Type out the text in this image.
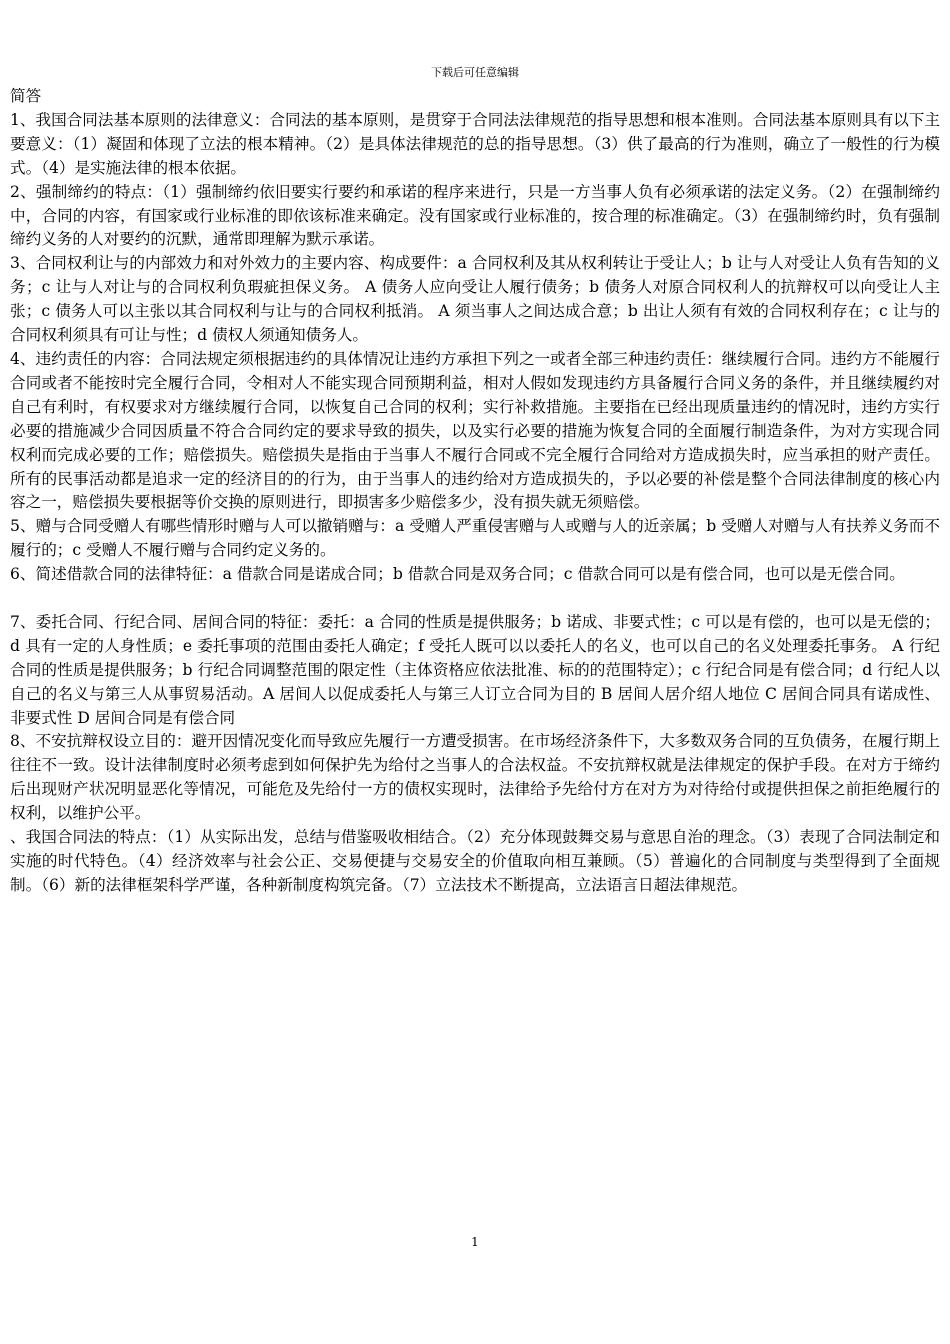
下载后可任意编辑

简答

1、我国合同法基本原则的法律意义：合同法的基本原则，是贯穿于合同法法律规范的指导思想和根本准则。合同法基本原则具有以下主要意义：（1）凝固和体现了立法的根本精神。（2）是具体法律规范的总的指导思想。（3）供了最高的行为准则，确立了一般性的行为模式。（4）是实施法律的根本依据。

2、强制缔约的特点：（1）强制缔约依旧要实行要约和承诺的程序来进行，只是一方当事人负有必须承诺的法定义务。（2）在强制缔约中，合同的内容，有国家或行业标准的即依该标准来确定。没有国家或行业标准的，按合理的标准确定。（3）在强制缔约时，负有强制缔约义务的人对要约的沉默，通常即理解为默示承诺。

3、合同权利让与的内部效力和对外效力的主要内容、构成要件：a 合同权利及其从权利转让于受让人；b 让与人对受让人负有告知的义务；c 让与人对让与的合同权利负瑕疵担保义务。 A 债务人应向受让人履行债务；b 债务人对原合同权利人的抗辩权可以向受让人主张；c 债务人可以主张以其合同权利与让与的合同权利抵消。 A 须当事人之间达成合意；b 出让人须有有效的合同权利存在；c 让与的合同权利须具有可让与性；d 债权人须通知债务人。

4、违约责任的内容：合同法规定须根据违约的具体情况让违约方承担下列之一或者全部三种违约责任：继续履行合同。违约方不能履行合同或者不能按时完全履行合同，令相对人不能实现合同预期利益，相对人假如发现违约方具备履行合同义务的条件，并且继续履约对自己有利时，有权要求对方继续履行合同，以恢复自己合同的权利；实行补救措施。主要指在已经出现质量违约的情况时，违约方实行必要的措施减少合同因质量不符合合同约定的要求导致的损失，以及实行必要的措施为恢复合同的全面履行制造条件，为对方实现合同权利而完成必要的工作；赔偿损失。赔偿损失是指由于当事人不履行合同或不完全履行合同给对方造成损失时，应当承担的财产责任。所有的民事活动都是追求一定的经济目的的行为，由于当事人的违约给对方造成损失的，予以必要的补偿是整个合同法律制度的核心内容之一，赔偿损失要根据等价交换的原则进行，即损害多少赔偿多少，没有损失就无须赔偿。

5、赠与合同受赠人有哪些情形时赠与人可以撤销赠与：a 受赠人严重侵害赠与人或赠与人的近亲属；b 受赠人对赠与人有扶养义务而不履行的；c 受赠人不履行赠与合同约定义务的。

6、简述借款合同的法律特征：a 借款合同是诺成合同；b 借款合同是双务合同；c 借款合同可以是有偿合同，也可以是无偿合同。

7、委托合同、行纪合同、居间合同的特征：委托：a 合同的性质是提供服务；b 诺成、非要式性；c 可以是有偿的，也可以是无偿的；d 具有一定的人身性质；e 委托事项的范围由委托人确定；f 受托人既可以以委托人的名义，也可以自己的名义处理委托事务。 A 行纪合同的性质是提供服务；b 行纪合同调整范围的限定性（主体资格应依法批准、标的的范围特定）；c 行纪合同是有偿合同；d 行纪人以自己的名义与第三人从事贸易活动。A 居间人以促成委托人与第三人订立合同为目的 B 居间人居介绍人地位 C 居间合同具有诺成性、非要式性 D 居间合同是有偿合同

8、不安抗辩权设立目的：避开因情况变化而导致应先履行一方遭受损害。在市场经济条件下，大多数双务合同的互负债务，在履行期上往往不一致。设计法律制度时必须考虑到如何保护先为给付之当事人的合法权益。不安抗辩权就是法律规定的保护手段。在对方于缔约后出现财产状况明显恶化等情况，可能危及先给付一方的债权实现时，法律给予先给付方在对方为对待给付或提供担保之前拒绝履行的权利，以维护公平。

、我国合同法的特点：（1）从实际出发，总结与借鉴吸收相结合。（2）充分体现鼓舞交易与意思自治的理念。（3）表现了合同法制定和实施的时代特色。（4）经济效率与社会公正、交易便捷与交易安全的价值取向相互兼顾。（5）普遍化的合同制度与类型得到了全面规制。（6）新的法律框架科学严谨，各种新制度构筑完备。（7）立法技术不断提高，立法语言日超法律规范。

1
